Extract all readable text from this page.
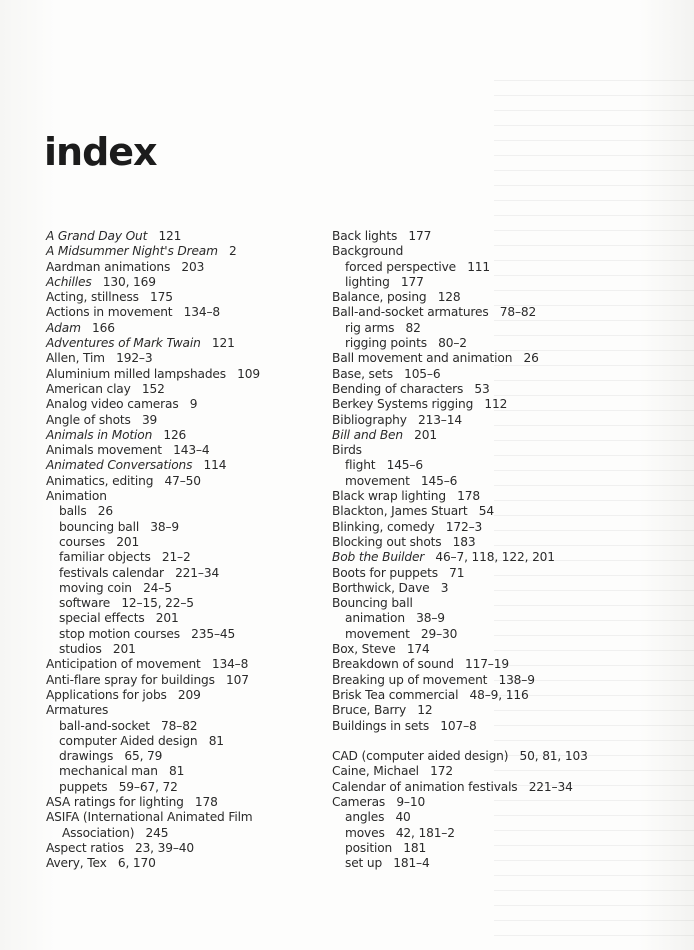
index
A Grand Day Out 121
A Midsummer Night's Dream 2
Aardman animations 203
Achilles 130, 169
Acting, stillness 175
Actions in movement 134–8
Adam 166
Adventures of Mark Twain 121
Allen, Tim 192–3
Aluminium milled lampshades 109
American clay 152
Analog video cameras 9
Angle of shots 39
Animals in Motion 126
Animals movement 143–4
Animated Conversations 114
Animatics, editing 47–50
Animation
balls 26
bouncing ball 38–9
courses 201
familiar objects 21–2
festivals calendar 221–34
moving coin 24–5
software 12–15, 22–5
special effects 201
stop motion courses 235–45
studios 201
Anticipation of movement 134–8
Anti-flare spray for buildings 107
Applications for jobs 209
Armatures
ball-and-socket 78–82
computer Aided design 81
drawings 65, 79
mechanical man 81
puppets 59–67, 72
ASA ratings for lighting 178
ASIFA (International Animated Film
Association) 245
Aspect ratios 23, 39–40
Avery, Tex 6, 170
Back lights 177
Background
forced perspective 111
lighting 177
Balance, posing 128
Ball-and-socket armatures 78–82
rig arms 82
rigging points 80–2
Ball movement and animation 26
Base, sets 105–6
Bending of characters 53
Berkey Systems rigging 112
Bibliography 213–14
Bill and Ben 201
Birds
flight 145–6
movement 145–6
Black wrap lighting 178
Blackton, James Stuart 54
Blinking, comedy 172–3
Blocking out shots 183
Bob the Builder 46–7, 118, 122, 201
Boots for puppets 71
Borthwick, Dave 3
Bouncing ball
animation 38–9
movement 29–30
Box, Steve 174
Breakdown of sound 117–19
Breaking up of movement 138–9
Brisk Tea commercial 48–9, 116
Bruce, Barry 12
Buildings in sets 107–8
CAD (computer aided design) 50, 81, 103
Caine, Michael 172
Calendar of animation festivals 221–34
Cameras 9–10
angles 40
moves 42, 181–2
position 181
set up 181–4
